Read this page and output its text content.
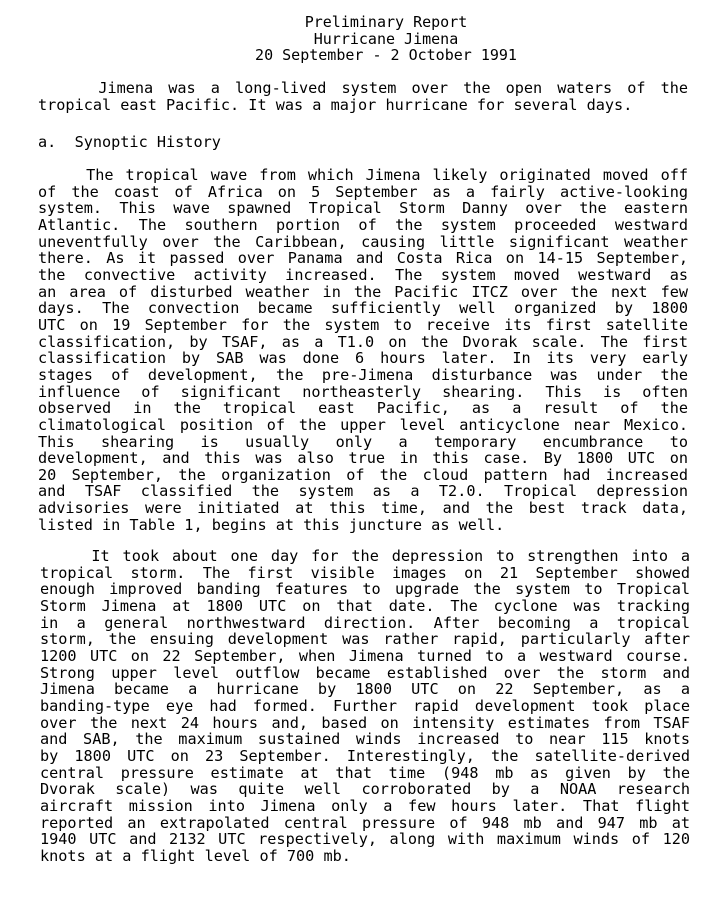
Preliminary Report
Hurricane Jimena
20 September - 2 October 1991
Jimena was a long-lived system over the open waters of the
tropical east Pacific. It was a major hurricane for several days.
a.  Synoptic History
The tropical wave from which Jimena likely originated moved off
of the coast of Africa on 5 September as a fairly active-looking
system. This wave spawned Tropical Storm Danny over the eastern
Atlantic. The southern portion of the system proceeded westward
uneventfully over the Caribbean, causing little significant weather
there. As it passed over Panama and Costa Rica on 14-15 September,
the convective activity increased. The system moved westward as
an area of disturbed weather in the Pacific ITCZ over the next few
days. The convection became sufficiently well organized by 1800
UTC on 19 September for the system to receive its first satellite
classification, by TSAF, as a T1.0 on the Dvorak scale. The first
classification by SAB was done 6 hours later. In its very early
stages of development, the pre-Jimena disturbance was under the
influence of significant northeasterly shearing. This is often
observed in the tropical east Pacific, as a result of the
climatological position of the upper level anticyclone near Mexico.
This shearing is usually only a temporary encumbrance to
development, and this was also true in this case. By 1800 UTC on
20 September, the organization of the cloud pattern had increased
and TSAF classified the system as a T2.0. Tropical depression
advisories were initiated at this time, and the best track data,
listed in Table 1, begins at this juncture as well.
It took about one day for the depression to strengthen into a
tropical storm. The first visible images on 21 September showed
enough improved banding features to upgrade the system to Tropical
Storm Jimena at 1800 UTC on that date. The cyclone was tracking
in a general northwestward direction. After becoming a tropical
storm, the ensuing development was rather rapid, particularly after
1200 UTC on 22 September, when Jimena turned to a westward course.
Strong upper level outflow became established over the storm and
Jimena became a hurricane by 1800 UTC on 22 September, as a
banding-type eye had formed. Further rapid development took place
over the next 24 hours and, based on intensity estimates from TSAF
and SAB, the maximum sustained winds increased to near 115 knots
by 1800 UTC on 23 September. Interestingly, the satellite-derived
central pressure estimate at that time (948 mb as given by the
Dvorak scale) was quite well corroborated by a NOAA research
aircraft mission into Jimena only a few hours later. That flight
reported an extrapolated central pressure of 948 mb and 947 mb at
1940 UTC and 2132 UTC respectively, along with maximum winds of 120
knots at a flight level of 700 mb.
